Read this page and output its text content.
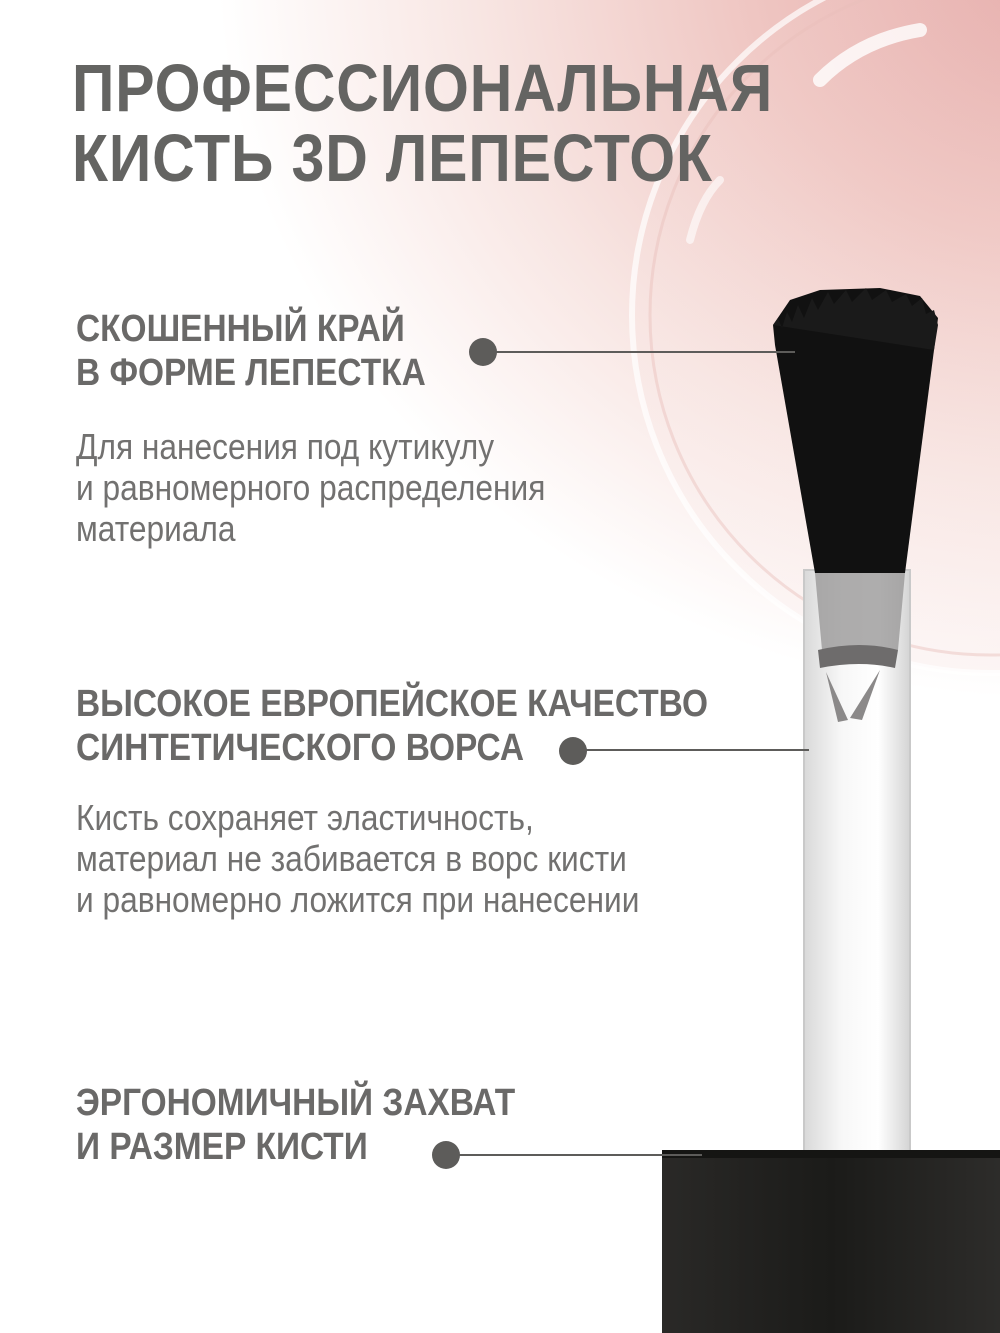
ПРОФЕССИОНАЛЬНАЯ
КИСТЬ 3D ЛЕПЕСТОК
СКОШЕННЫЙ КРАЙ
В ФОРМЕ ЛЕПЕСТКА

Для нанесения под кутикулу
и равномерного распределения
материала

ВЫСОКОЕ ЕВРОПЕЙСКОЕ КАЧЕСТВО
СИНТЕТИЧЕСКОГО ВОРСА

Кисть сохраняет эластичность,
материал не забивается в ворс кисти
и равномерно ложится при нанесении

ЭРГОНОМИЧНЫЙ ЗАХВАТ
И РАЗМЕР КИСТИ
